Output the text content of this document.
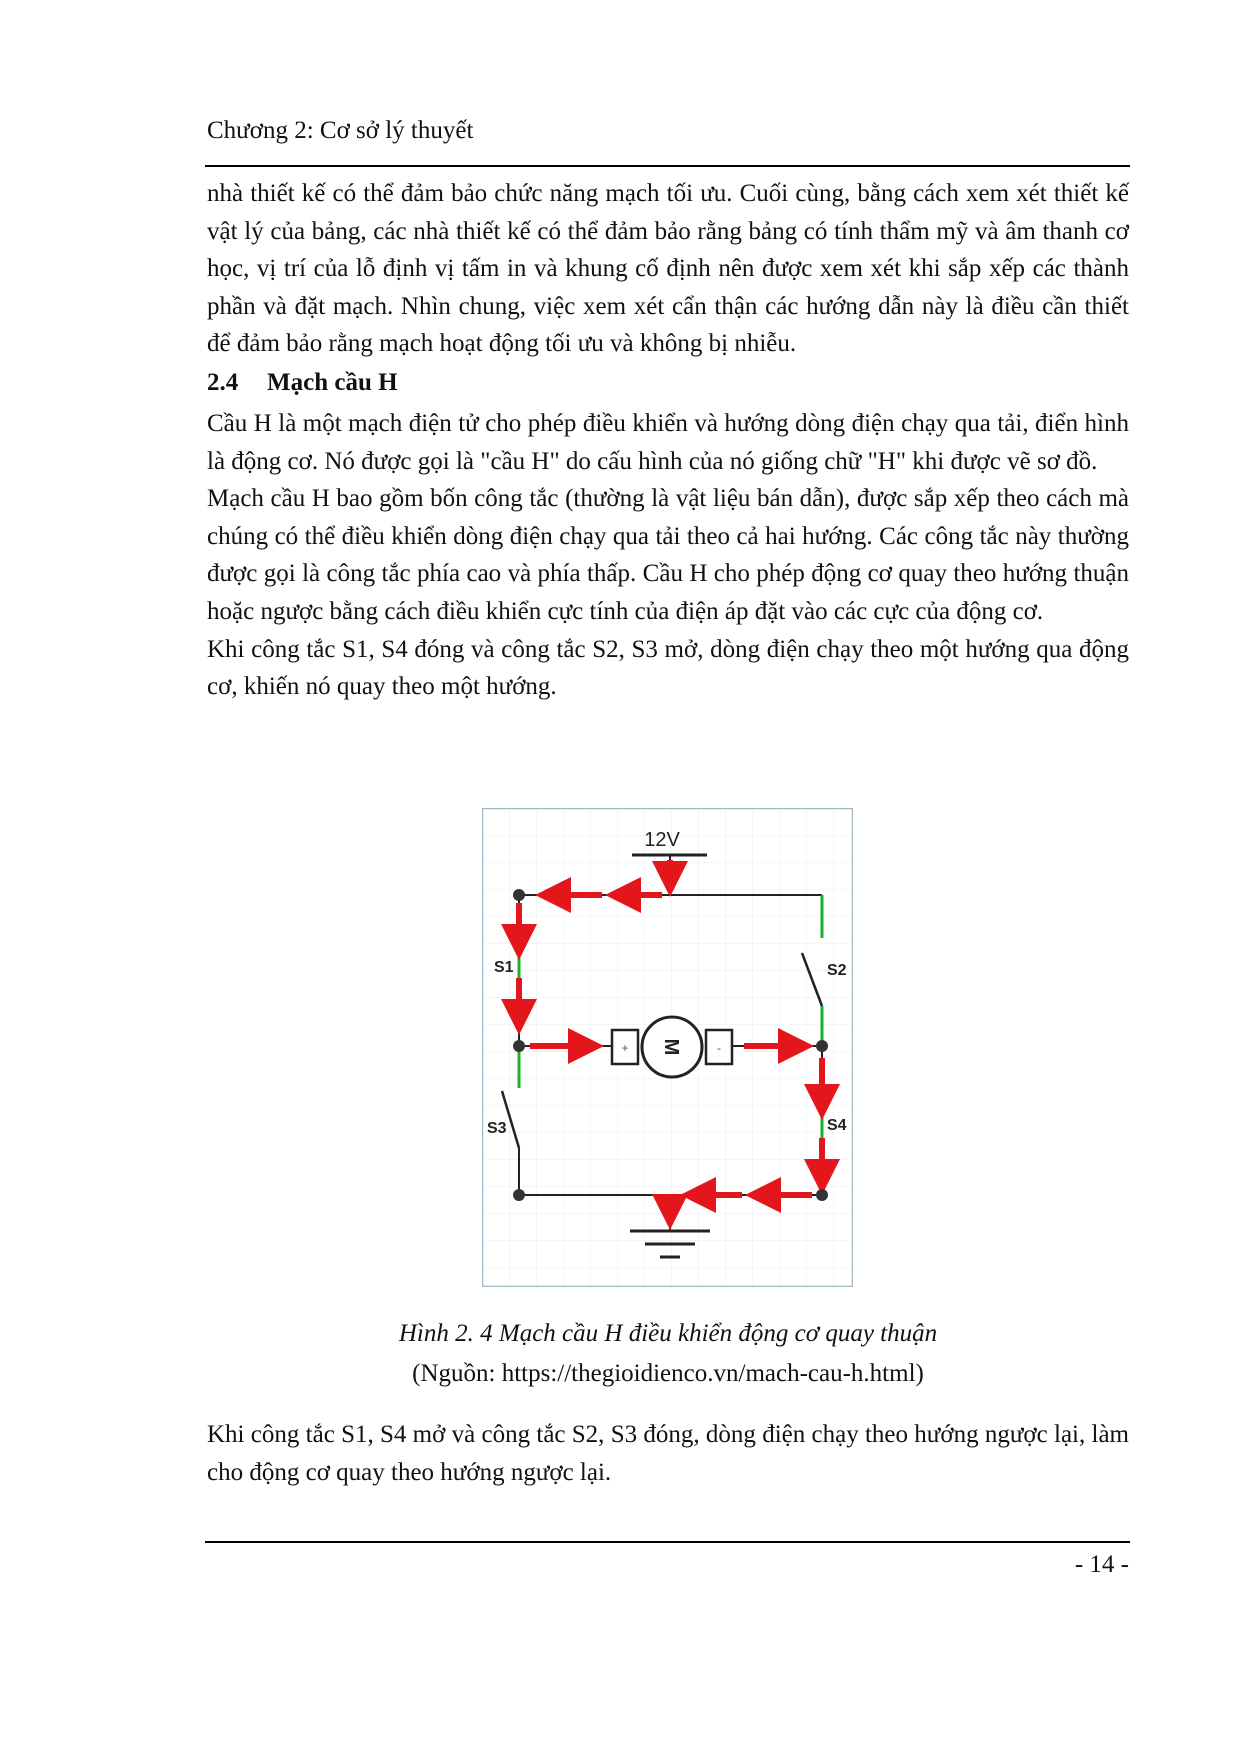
Chương 2: Cơ sở lý thuyết

nhà thiết kế có thể đảm bảo chức năng mạch tối ưu. Cuối cùng, bằng cách xem xét thiết kế vật lý của bảng, các nhà thiết kế có thể đảm bảo rằng bảng có tính thẩm mỹ và âm thanh cơ học, vị trí của lỗ định vị tấm in và khung cố định nên được xem xét khi sắp xếp các thành phần và đặt mạch. Nhìn chung, việc xem xét cẩn thận các hướng dẫn này là điều cần thiết để đảm bảo rằng mạch hoạt động tối ưu và không bị nhiễu.

2.4 Mạch cầu H

Cầu H là một mạch điện tử cho phép điều khiển và hướng dòng điện chạy qua tải, điển hình là động cơ. Nó được gọi là "cầu H" do cấu hình của nó giống chữ "H" khi được vẽ sơ đồ.

Mạch cầu H bao gồm bốn công tắc (thường là vật liệu bán dẫn), được sắp xếp theo cách mà chúng có thể điều khiển dòng điện chạy qua tải theo cả hai hướng. Các công tắc này thường được gọi là công tắc phía cao và phía thấp. Cầu H cho phép động cơ quay theo hướng thuận hoặc ngược bằng cách điều khiển cực tính của điện áp đặt vào các cực của động cơ.

Khi công tắc S1, S4 đóng và công tắc S2, S3 mở, dòng điện chạy theo một hướng qua động cơ, khiến nó quay theo một hướng.

12V
S1	S2
S3	S4
M
+	-
Hình 2. 4 Mạch cầu H điều khiển động cơ quay thuận
(Nguồn: https://thegioidienco.vn/mach-cau-h.html)

Khi công tắc S1, S4 mở và công tắc S2, S3 đóng, dòng điện chạy theo hướng ngược lại, làm cho động cơ quay theo hướng ngược lại.

- 14 -
